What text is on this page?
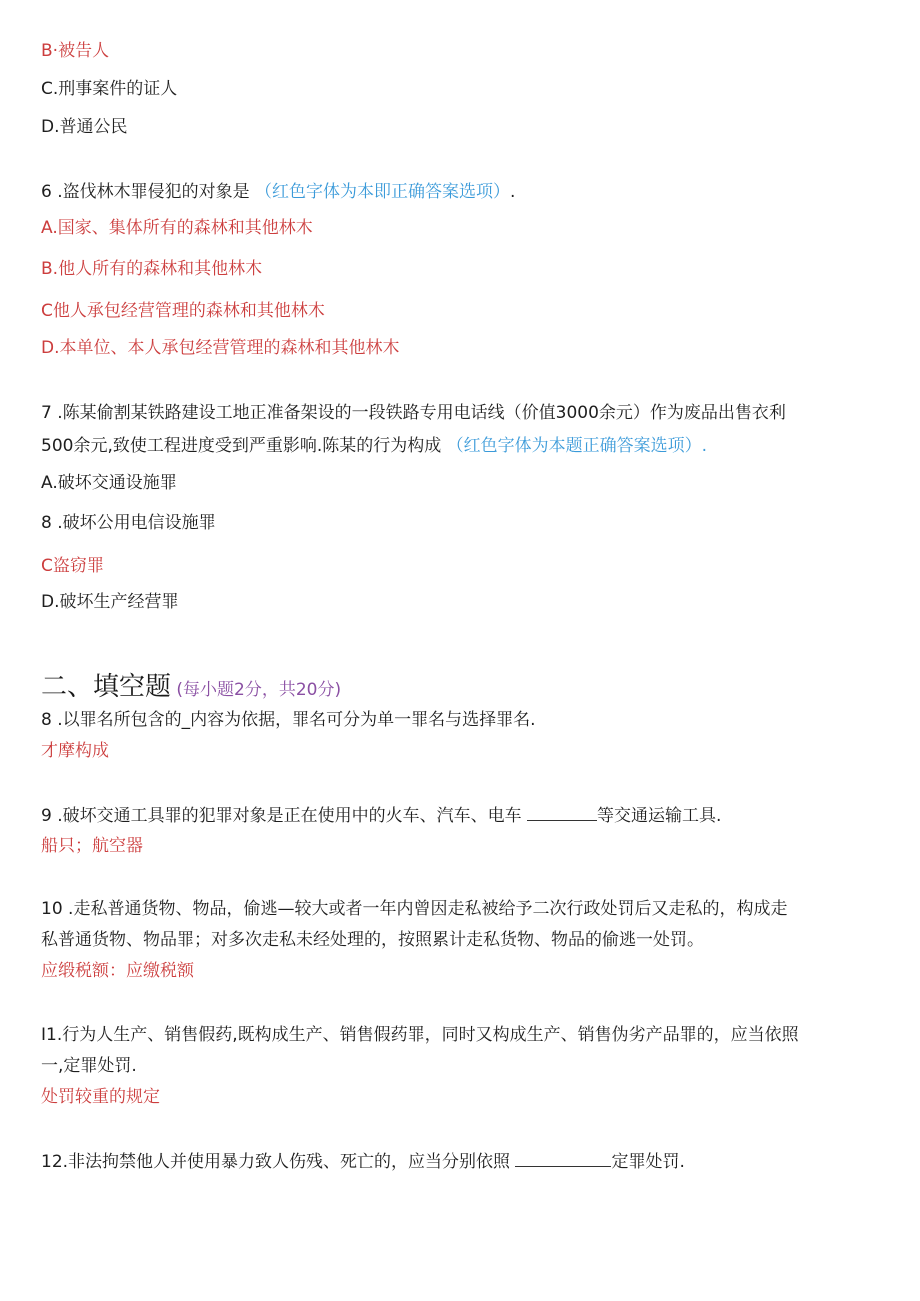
B·被告人
C.刑事案件的证人
D.普通公民
6 .盗伐林木罪侵犯的对象是 （红色字体为本即正确答案选项）.
A.国家、集体所有的森林和其他林木
B.他人所有的森林和其他林木
C他人承包经营管理的森林和其他林木
D.本单位、本人承包经营管理的森林和其他林木
7 .陈某偷割某铁路建设工地正准备架设的一段铁路专用电话线（价值3000余元）作为废品出售衣利
500余元,致使工程进度受到严重影响.陈某的行为构成 （红色字体为本题正确答案选项）.
A.破坏交通设施罪
8 .破坏公用电信设施罪
C盗窃罪
D.破坏生产经营罪
二、填空题 (每小题2分，共20分)
8 .以罪名所包含的_内容为依据，罪名可分为单一罪名与选择罪名.
才摩构成
9 .破坏交通工具罪的犯罪对象是正在使用中的火车、汽车、电车	等交通运输工具.
船只；航空器
10 .走私普通货物、物品，偷逃—较大或者一年内曾因走私被给予二次行政处罚后又走私的，构成走
私普通货物、物品罪；对多次走私未经处理的，按照累计走私货物、物品的偷逃一处罚。
应缎税额：应缴税额
I1.行为人生产、销售假药,既构成生产、销售假药罪，同时又构成生产、销售伪劣产品罪的，应当依照
一,定罪处罚.
处罚较重的规定
12.非法拘禁他人并使用暴力致人伤残、死亡的，应当分别依照	定罪处罚.
